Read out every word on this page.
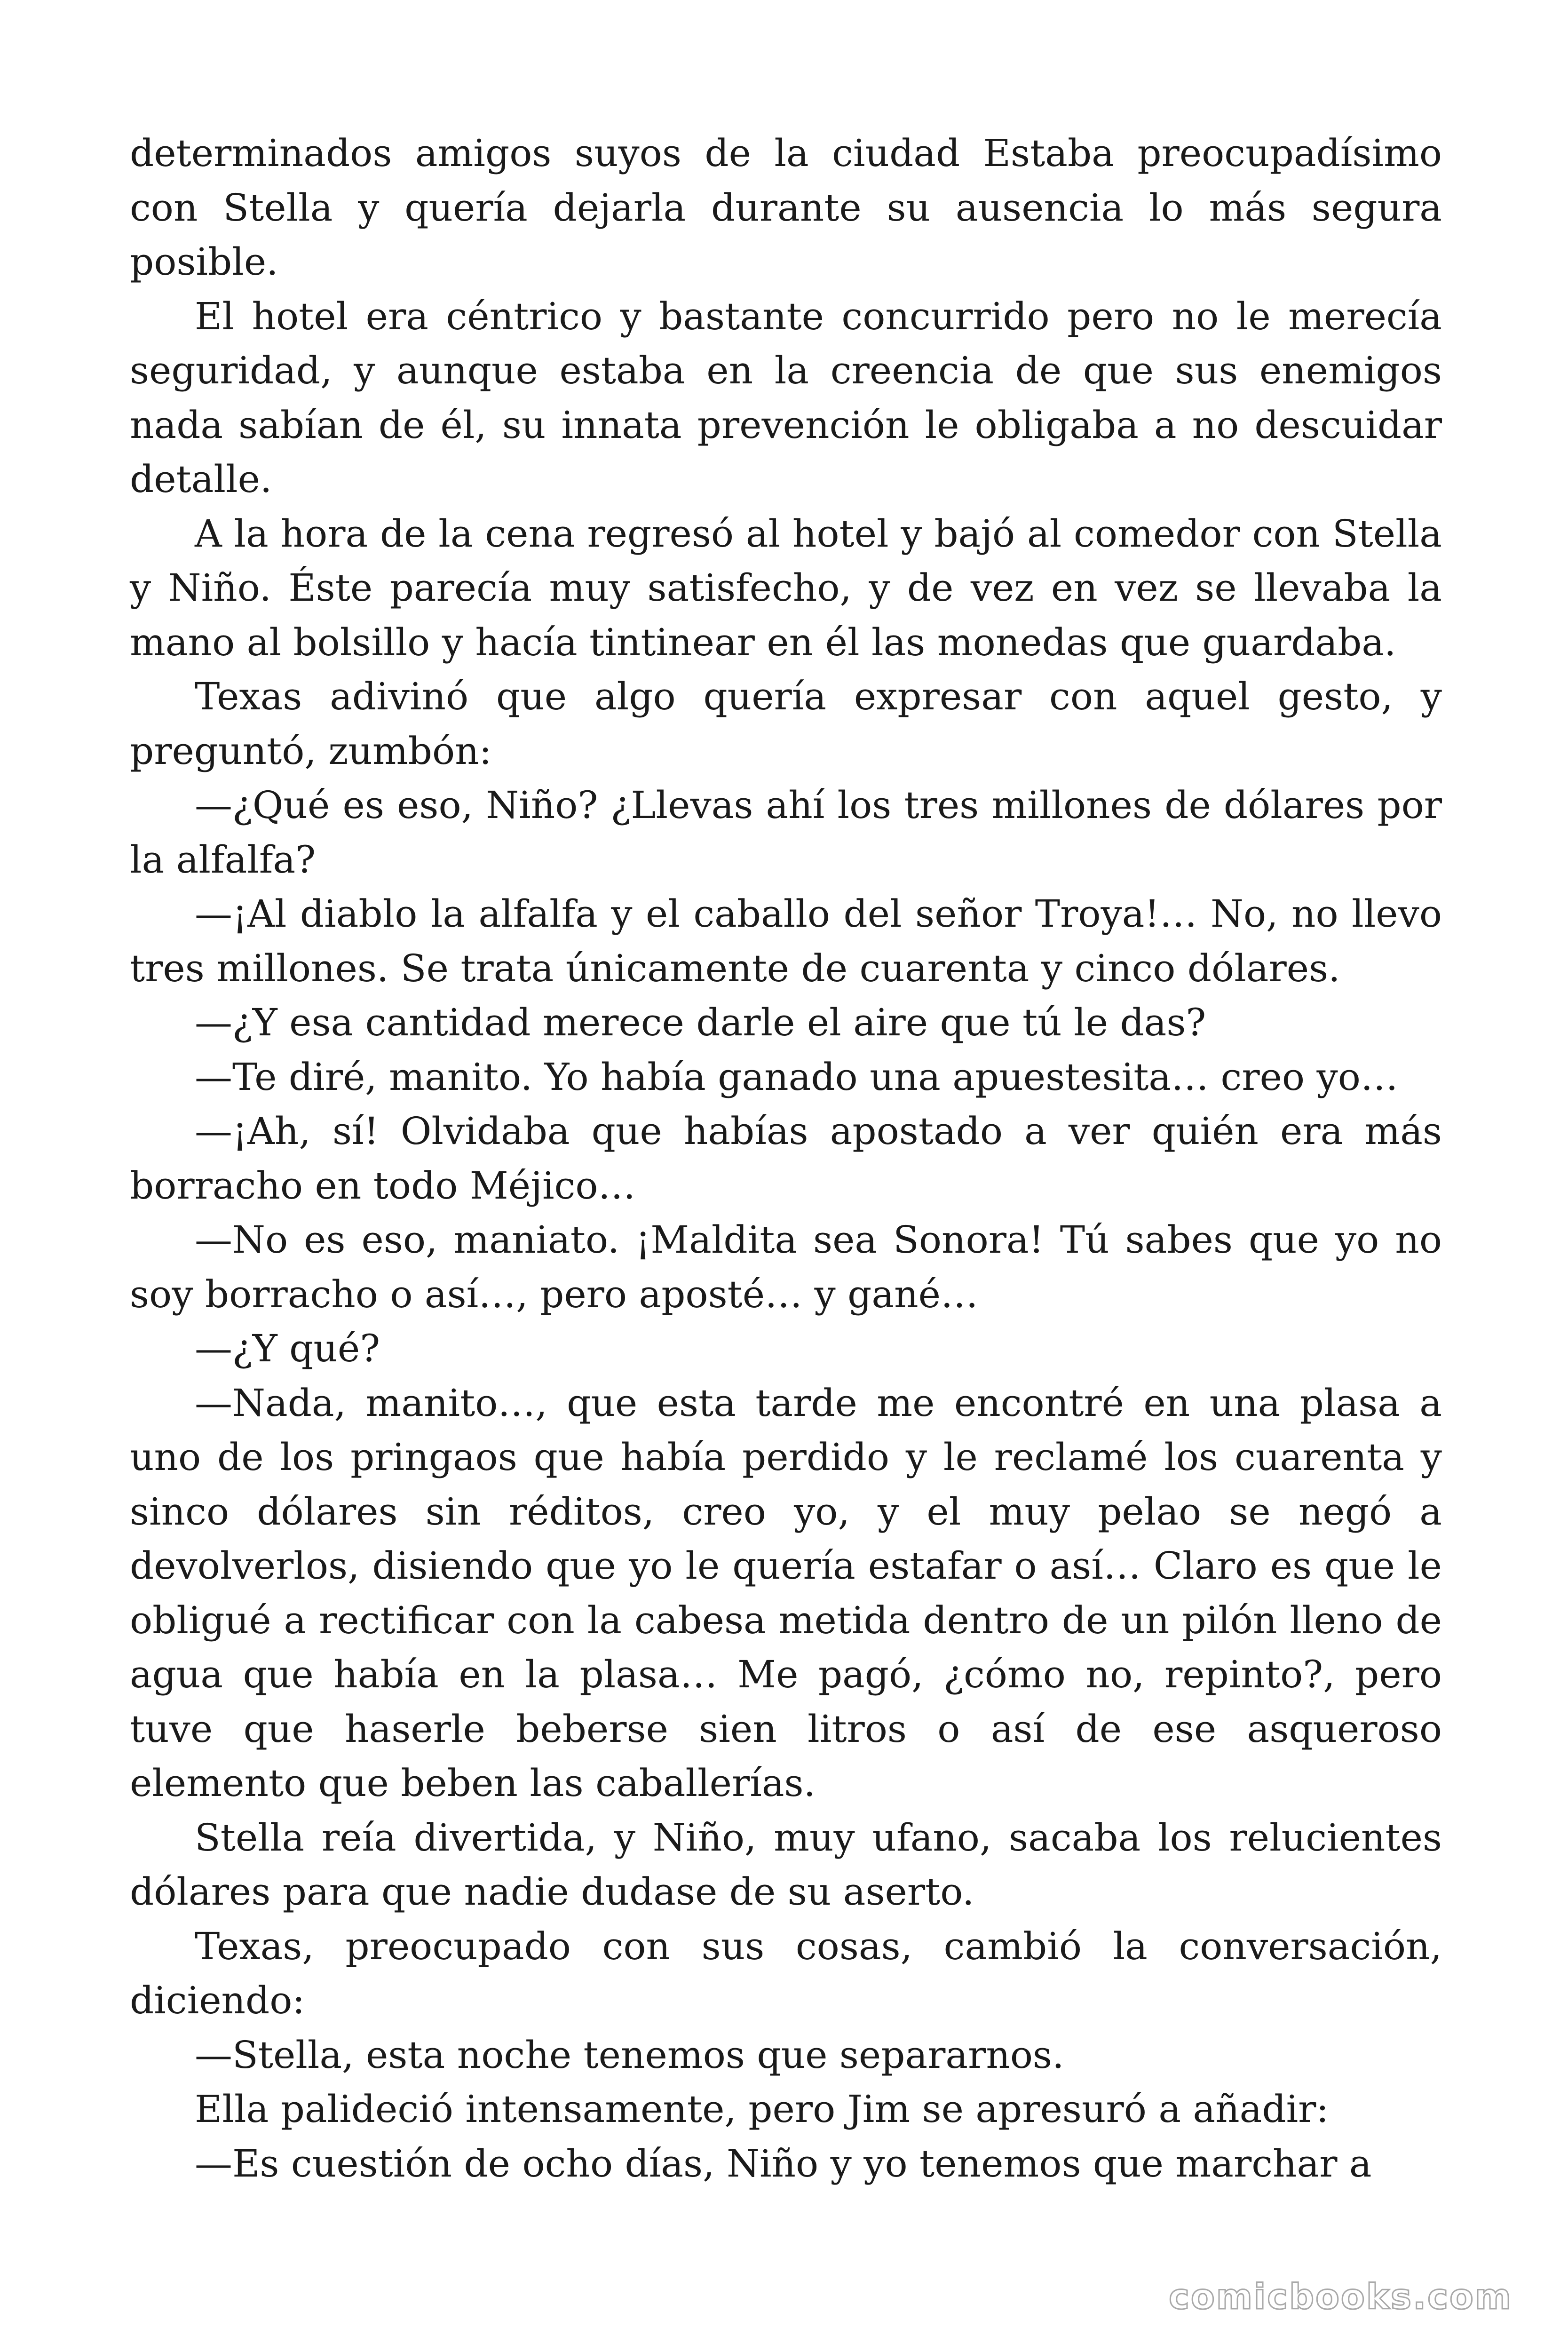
determinados amigos suyos de la ciudad Estaba preocupadísimo con Stella y quería dejarla durante su ausencia lo más segura posible.

El hotel era céntrico y bastante concurrido pero no le merecía seguridad, y aunque estaba en la creencia de que sus enemigos nada sabían de él, su innata prevención le obligaba a no descuidar detalle.

A la hora de la cena regresó al hotel y bajó al comedor con Stella y Niño. Éste parecía muy satisfecho, y de vez en vez se llevaba la mano al bolsillo y hacía tintinear en él las monedas que guardaba.

Texas adivinó que algo quería expresar con aquel gesto, y preguntó, zumbón:

—¿Qué es eso, Niño? ¿Llevas ahí los tres millones de dólares por la alfalfa?

—¡Al diablo la alfalfa y el caballo del señor Troya!… No, no llevo tres millones. Se trata únicamente de cuarenta y cinco dólares.

—¿Y esa cantidad merece darle el aire que tú le das?

—Te diré, manito. Yo había ganado una apuestesita… creo yo…

—¡Ah, sí! Olvidaba que habías apostado a ver quién era más borracho en todo Méjico…

—No es eso, maniato. ¡Maldita sea Sonora! Tú sabes que yo no soy borracho o así…, pero aposté… y gané…

—¿Y qué?

—Nada, manito…, que esta tarde me encontré en una plasa a uno de los pringaos que había perdido y le reclamé los cuarenta y sinco dólares sin réditos, creo yo, y el muy pelao se negó a devolverlos, disiendo que yo le quería estafar o así… Claro es que le obligué a rectificar con la cabesa metida dentro de un pilón lleno de agua que había en la plasa… Me pagó, ¿cómo no, repinto?, pero tuve que haserle beberse sien litros o así de ese asqueroso elemento que beben las caballerías.

Stella reía divertida, y Niño, muy ufano, sacaba los relucientes dólares para que nadie dudase de su aserto.

Texas, preocupado con sus cosas, cambió la conversación, diciendo:

—Stella, esta noche tenemos que separarnos.

Ella palideció intensamente, pero Jim se apresuró a añadir:

—Es cuestión de ocho días, Niño y yo tenemos que marchar a

comicbooks.com
